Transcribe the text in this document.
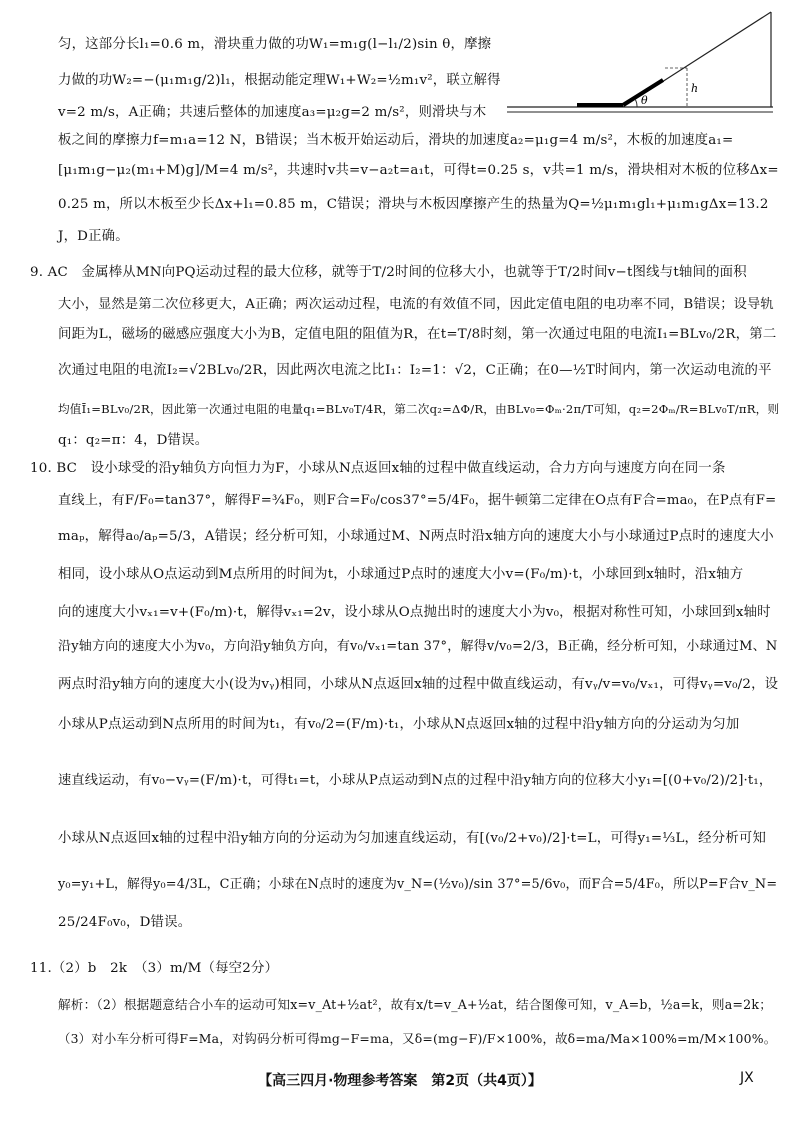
θ
h
匀，这部分长l₁=0.6 m，滑块重力做的功W₁=m₁g(l−l₁/2)sin θ，摩擦
力做的功W₂=−(μ₁m₁g/2)l₁，根据动能定理W₁+W₂=½m₁v²，联立解得
v=2 m/s，A正确；共速后整体的加速度a₃=μ₂g=2 m/s²，则滑块与木
板之间的摩擦力f=m₁a=12 N，B错误；当木板开始运动后，滑块的加速度a₂=μ₁g=4 m/s²，木板的加速度a₁=
[μ₁m₁g−μ₂(m₁+M)g]/M=4 m/s²，共速时v共=v−a₂t=a₁t，可得t=0.25 s，v共=1 m/s，滑块相对木板的位移Δx=
0.25 m，所以木板至少长Δx+l₁=0.85 m，C错误；滑块与木板因摩擦产生的热量为Q=½μ₁m₁gl₁+μ₁m₁gΔx=13.2
J，D正确。
9. AC　金属棒从MN向PQ运动过程的最大位移，就等于T/2时间的位移大小，也就等于T/2时间v−t图线与t轴间的面积
大小，显然是第二次位移更大，A正确；两次运动过程，电流的有效值不同，因此定值电阻的电功率不同，B错误；设导轨
间距为L，磁场的磁感应强度大小为B，定值电阻的阻值为R，在t=T/8时刻，第一次通过电阻的电流I₁=BLv₀/2R，第二
次通过电阻的电流I₂=√2BLv₀/2R，因此两次电流之比I₁：I₂=1：√2，C正确；在0—½T时间内，第一次运动电流的平
均值Ī₁=BLv₀/2R，因此第一次通过电阻的电量q₁=BLv₀T/4R，第二次q₂=ΔΦ/R，由BLv₀=Φₘ·2π/T可知，q₂=2Φₘ/R=BLv₀T/πR，则
q₁：q₂=π：4，D错误。
10. BC　设小球受的沿y轴负方向恒力为F，小球从N点返回x轴的过程中做直线运动，合力方向与速度方向在同一条
直线上，有F/F₀=tan37°，解得F=¾F₀，则F合=F₀/cos37°=5/4F₀，据牛顿第二定律在O点有F合=ma₀，在P点有F=
maₚ，解得a₀/aₚ=5/3，A错误；经分析可知，小球通过M、N两点时沿x轴方向的速度大小与小球通过P点时的速度大小
相同，设小球从O点运动到M点所用的时间为t，小球通过P点时的速度大小v=(F₀/m)·t，小球回到x轴时，沿x轴方
向的速度大小vₓ₁=v+(F₀/m)·t，解得vₓ₁=2v，设小球从O点抛出时的速度大小为v₀，根据对称性可知，小球回到x轴时
沿y轴方向的速度大小为v₀，方向沿y轴负方向，有v₀/vₓ₁=tan 37°，解得v/v₀=2/3，B正确，经分析可知，小球通过M、N
两点时沿y轴方向的速度大小(设为vᵧ)相同，小球从N点返回x轴的过程中做直线运动，有vᵧ/v=v₀/vₓ₁，可得vᵧ=v₀/2，设
小球从P点运动到N点所用的时间为t₁，有v₀/2=(F/m)·t₁，小球从N点返回x轴的过程中沿y轴方向的分运动为匀加
速直线运动，有v₀−vᵧ=(F/m)·t，可得t₁=t，小球从P点运动到N点的过程中沿y轴方向的位移大小y₁=[(0+v₀/2)/2]·t₁，
小球从N点返回x轴的过程中沿y轴方向的分运动为匀加速直线运动，有[(v₀/2+v₀)/2]·t=L，可得y₁=⅓L，经分析可知
y₀=y₁+L，解得y₀=4/3L，C正确；小球在N点时的速度为v_N=(½v₀)/sin 37°=5/6v₀，而F合=5/4F₀，所以P=F合v_N=
25/24F₀v₀，D错误。
11.（2）b　2k　（3）m/M（每空2分）
解析：（2）根据题意结合小车的运动可知x=v_At+½at²，故有x/t=v_A+½at，结合图像可知，v_A=b，½a=k，则a=2k；
（3）对小车分析可得F=Ma，对钩码分析可得mg−F=ma，又δ=(mg−F)/F×100%，故δ=ma/Ma×100%=m/M×100%。
【高三四月·物理参考答案　第2页（共4页）】	JX
